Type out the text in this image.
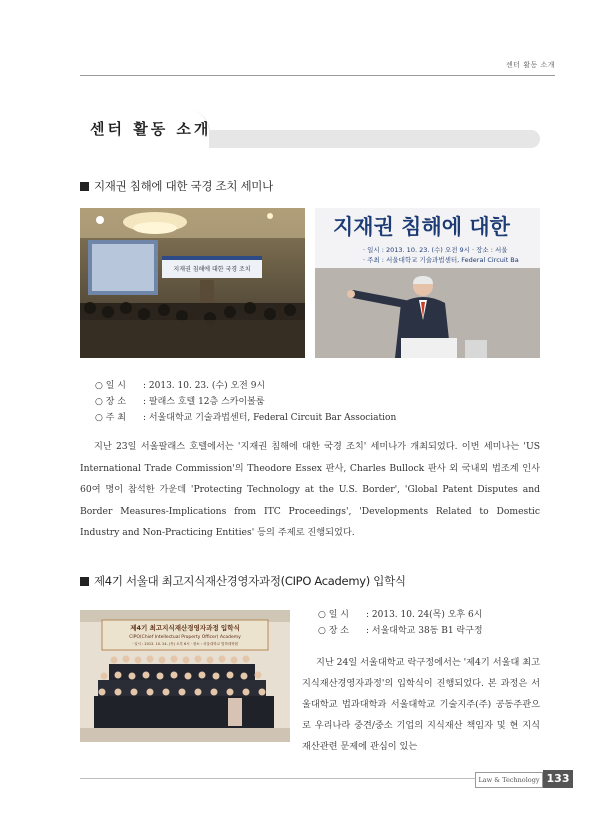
센터 활동 소개
센터 활동 소개
지재권 침해에 대한 국경 조치 세미나
지재권 침해에 대한 국경 조치
지재권 침해에 대한
· 일시 : 2013. 10. 23. (수) 오전 9시 · 장소 : 서울
· 주최 : 서울대학교 기술과법센터, Federal Circuit Ba
○ 일 시 : 2013. 10. 23. (수) 오전 9시
○ 장 소 : 팔래스 호텔 12층 스카이볼룸
○ 주 최 : 서울대학교 기술과법센터, Federal Circuit Bar Association
지난 23일 서울팔래스 호텔에서는 '지재권 침해에 대한 국경 조치' 세미나가 개최되었다. 이번 세미나는 'US International Trade Commission'의 Theodore Essex 판사, Charles Bullock 판사 외 국내외 법조계 인사 60여 명이 참석한 가운데 'Protecting Technology at the U.S. Border', 'Global Patent Disputes and Border Measures-Implications from ITC Proceedings', 'Developments Related to Domestic Industry and Non-Practicing Entities' 등의 주제로 진행되었다.
제4기 서울대 최고지식재산경영자과정(CIPO Academy) 입학식
제4기 최고지식재산경영자과정 입학식
CIPO(Chief Intellectual Property Officer) Academy
· 일시 : 2013. 10. 24. (목) 오후 6시 · 장소 : 서울대학교 법학대학원
○ 일 시 : 2013. 10. 24(목) 오후 6시
○ 장 소 : 서울대학교 38동 B1 락구정
지난 24일 서울대학교 락구정에서는 '제4기 서울대 최고지식재산경영자과정'의 입학식이 진행되었다. 본 과정은 서울대학교 법과대학과 서울대학교 기술지주(주) 공동주관으로 우리나라 중견/중소 기업의 지식재산 책임자 및 현 지식재산관련 문제에 관심이 있는
Law & Technology 133
